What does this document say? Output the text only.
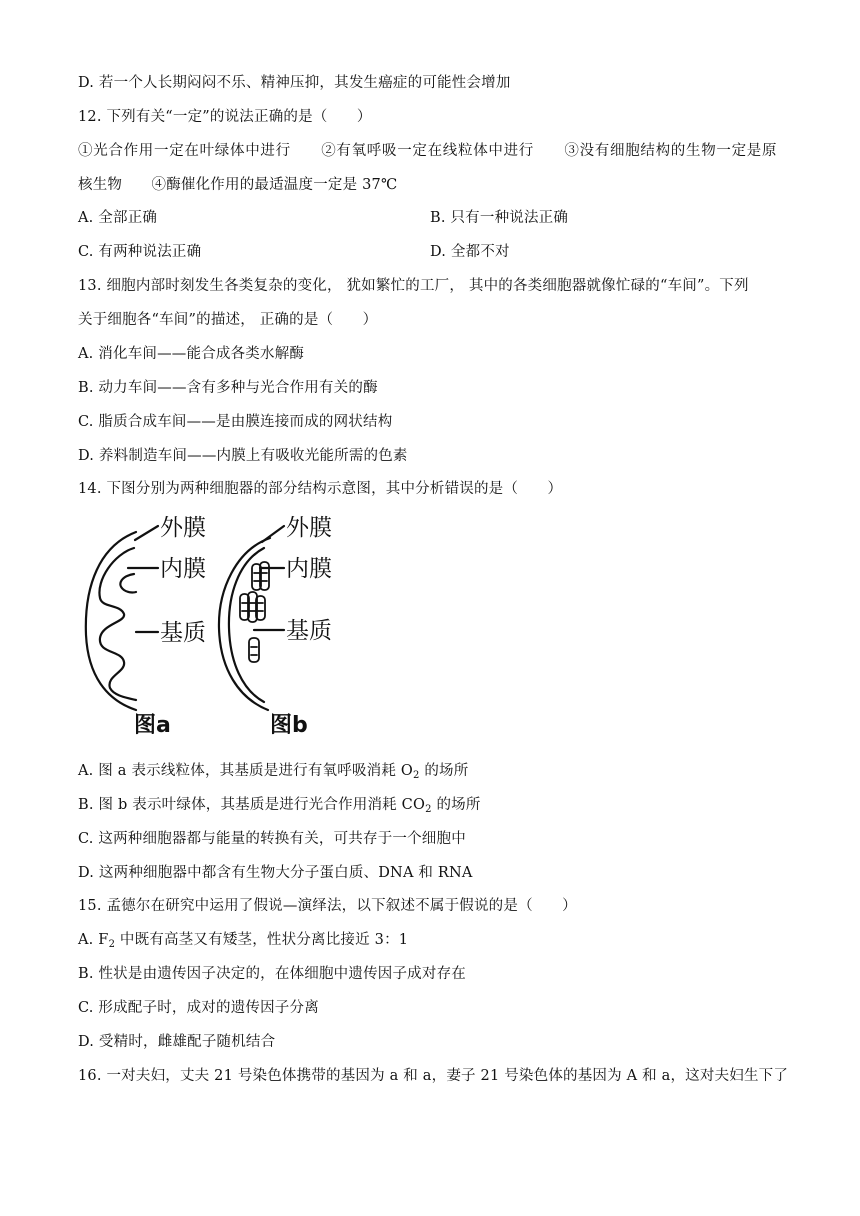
D. 若一个人长期闷闷不乐、精神压抑，其发生癌症的可能性会增加
12. 下列有关“一定”的说法正确的是（　　）
①光合作用一定在叶绿体中进行　　②有氧呼吸一定在线粒体中进行　　③没有细胞结构的生物一定是原
核生物　　④酶催化作用的最适温度一定是 37℃
A. 全部正确	B. 只有一种说法正确
C. 有两种说法正确	D. 全都不对
13. 细胞内部时刻发生各类复杂的变化， 犹如繁忙的工厂， 其中的各类细胞器就像忙碌的“车间”。下列
关于细胞各“车间”的描述， 正确的是（　　）
A. 消化车间——能合成各类水解酶
B. 动力车间——含有多种与光合作用有关的酶
C. 脂质合成车间——是由膜连接而成的网状结构
D. 养料制造车间——内膜上有吸收光能所需的色素
14. 下图分别为两种细胞器的部分结构示意图，其中分析错误的是（　　）
外膜
内膜
基质
外膜
内膜
基质
图a	图b
A. 图 a 表示线粒体，其基质是进行有氧呼吸消耗 $O_2$ 的场所
B. 图 b 表示叶绿体，其基质是进行光合作用消耗 $CO_2$ 的场所
C. 这两种细胞器都与能量的转换有关，可共存于一个细胞中
D. 这两种细胞器中都含有生物大分子蛋白质、DNA 和 RNA
15. 孟德尔在研究中运用了假说—演绎法，以下叙述不属于假说的是（　　）
A. $F_2$ 中既有高茎又有矮茎，性状分离比接近 3：1
B. 性状是由遗传因子决定的，在体细胞中遗传因子成对存在
C. 形成配子时，成对的遗传因子分离
D. 受精时，雌雄配子随机结合
16. 一对夫妇，丈夫 21 号染色体携带的基因为 a 和 a，妻子 21 号染色体的基因为 A 和 a，这对夫妇生下了
